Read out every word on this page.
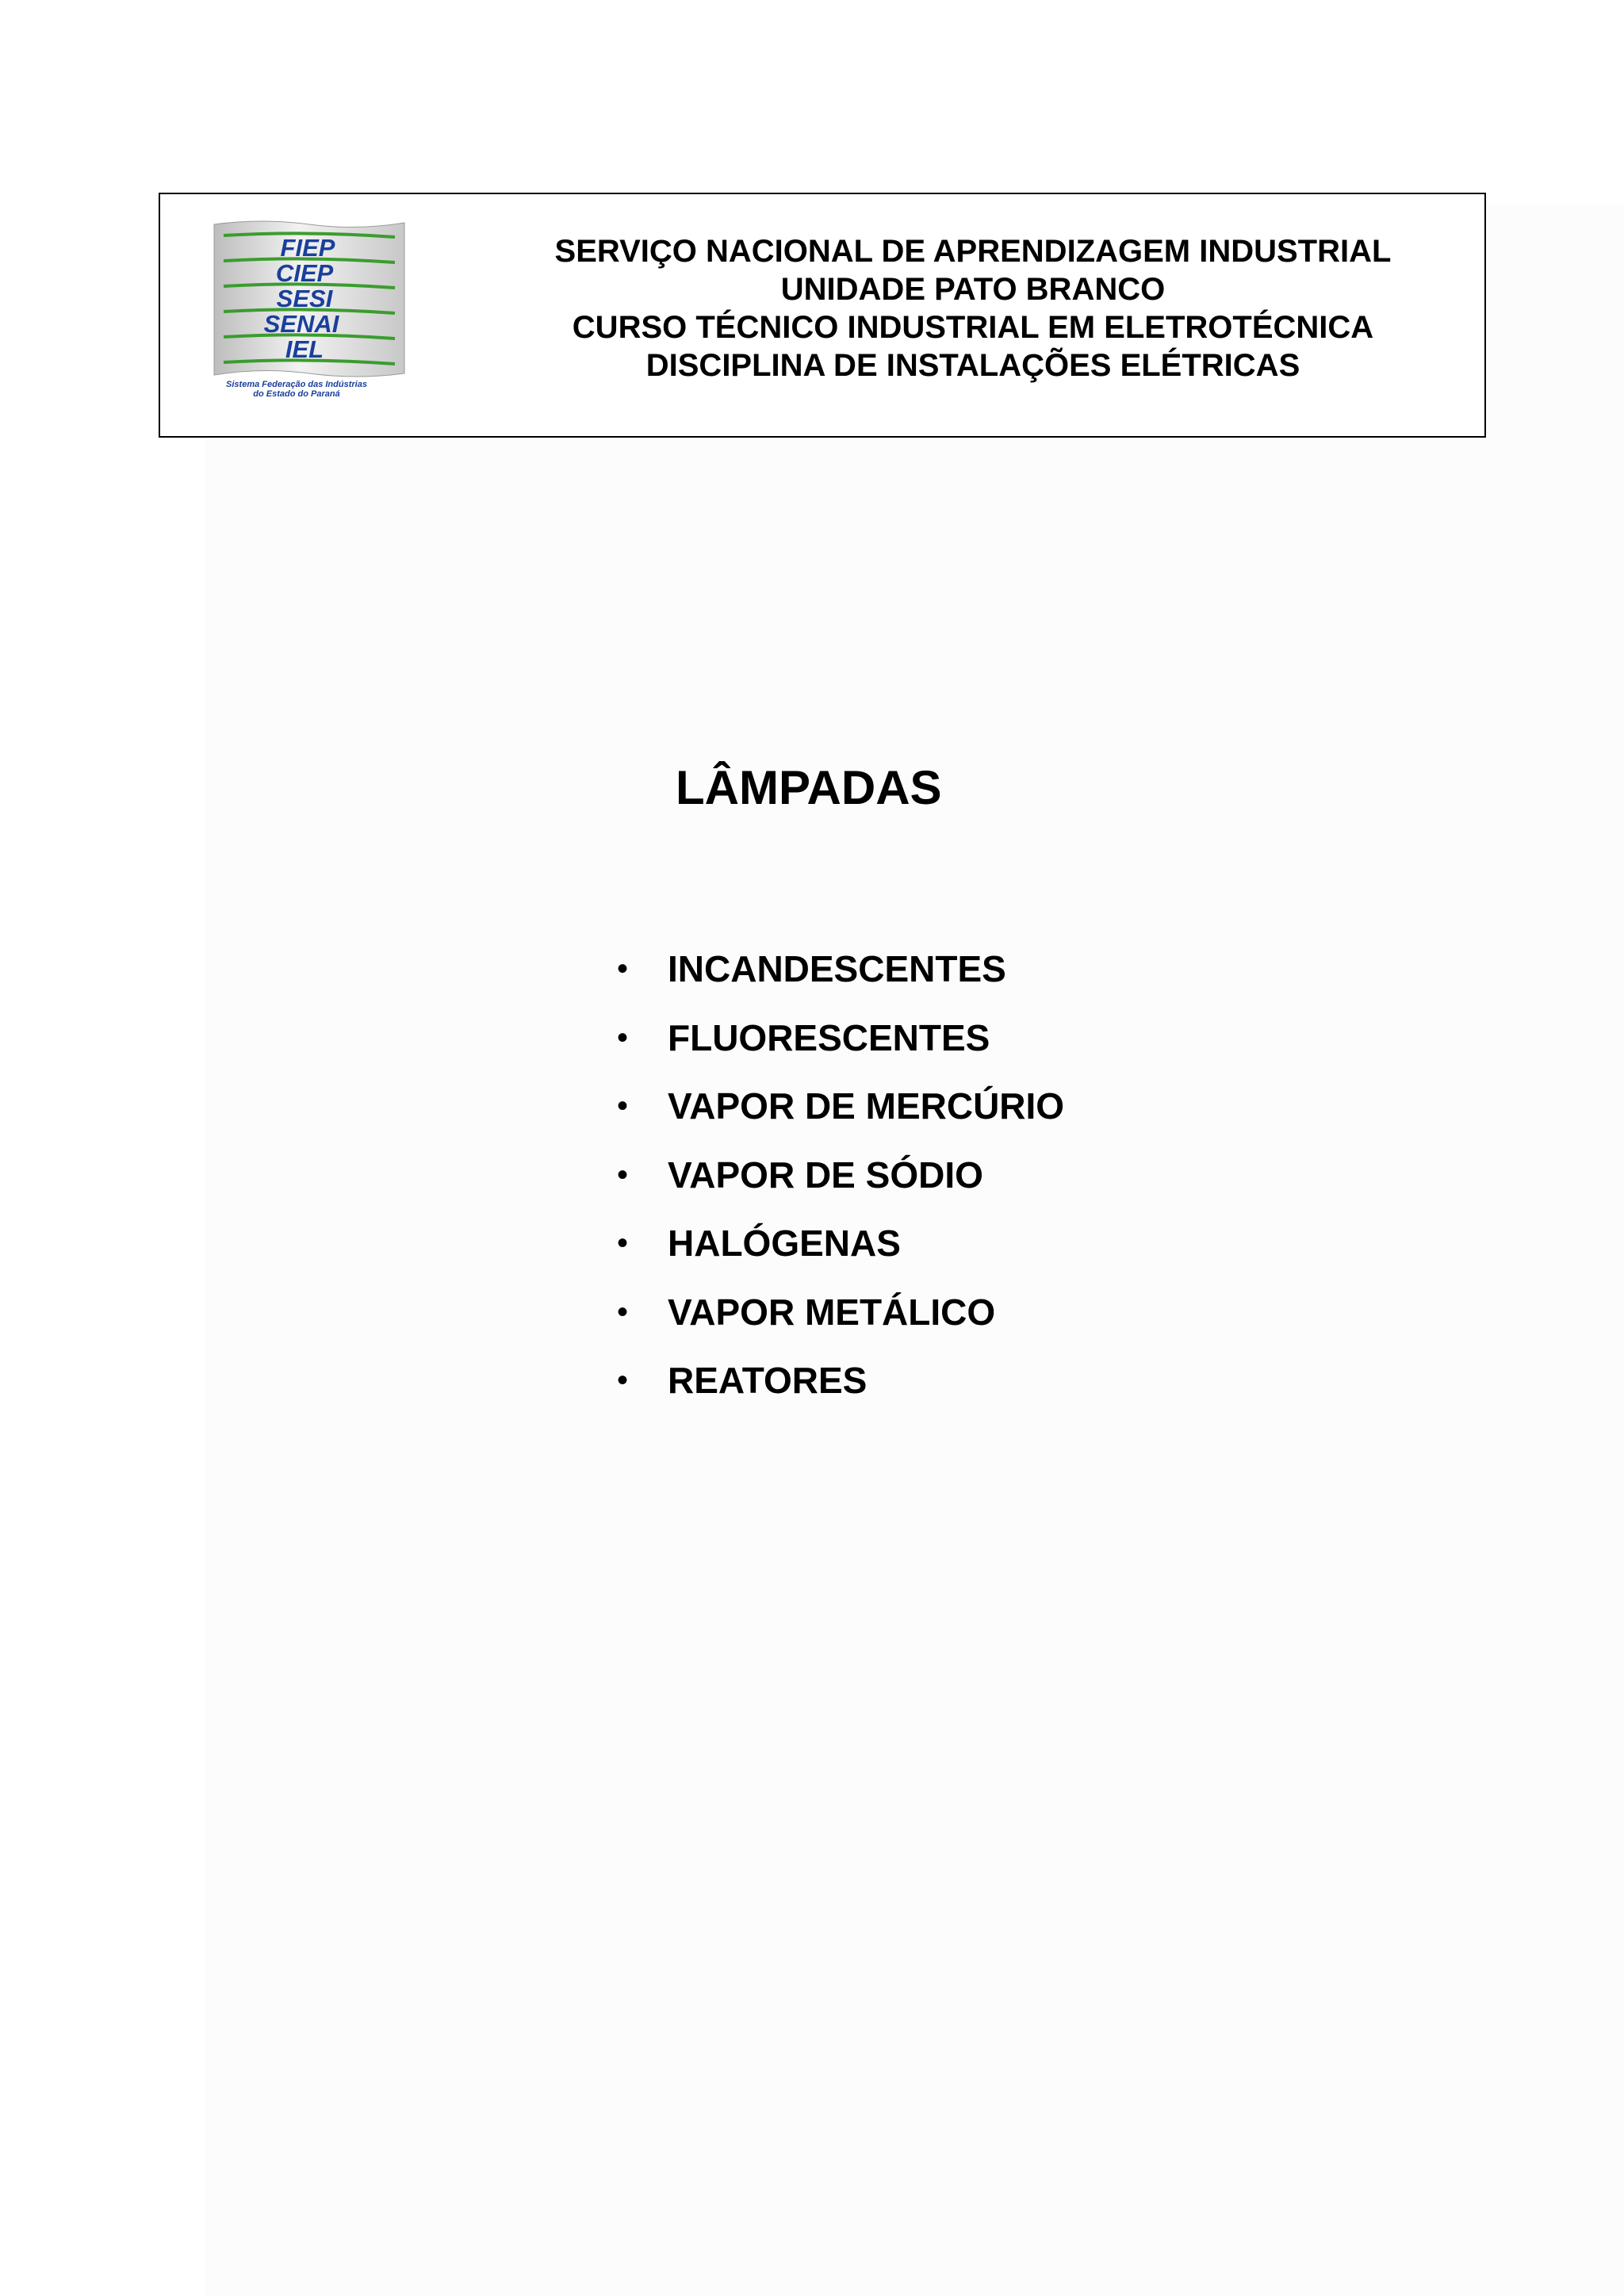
FIEP
CIEP
SESI
SENAI
IEL
Sistema Federação das Indústrias
do Estado do Paraná
SERVIÇO NACIONAL DE APRENDIZAGEM INDUSTRIAL
UNIDADE PATO BRANCO
CURSO TÉCNICO INDUSTRIAL EM ELETROTÉCNICA
DISCIPLINA DE INSTALAÇÕES ELÉTRICAS
LÂMPADAS
•	INCANDESCENTES
•	FLUORESCENTES
•	VAPOR DE MERCÚRIO
•	VAPOR DE SÓDIO
•	HALÓGENAS
•	VAPOR METÁLICO
•	REATORES
